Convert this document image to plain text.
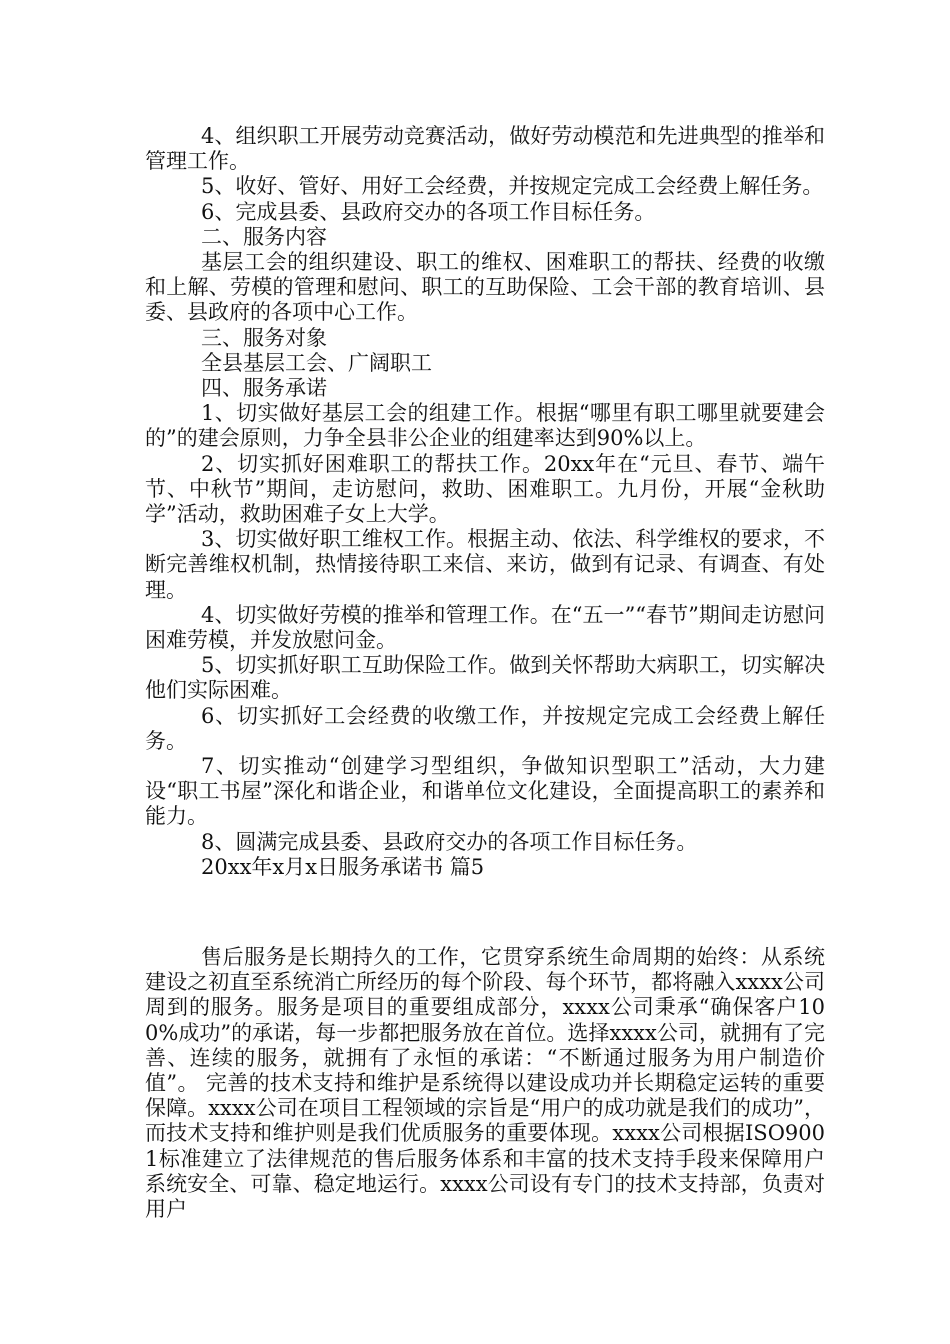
4、组织职工开展劳动竞赛活动，做好劳动模范和先进典型的推举和管理工作。

5、收好、管好、用好工会经费，并按规定完成工会经费上解任务。

6、完成县委、县政府交办的各项工作目标任务。

二、服务内容

基层工会的组织建设、职工的维权、困难职工的帮扶、经费的收缴和上解、劳模的管理和慰问、职工的互助保险、工会干部的教育培训、县委、县政府的各项中心工作。

三、服务对象

全县基层工会、广阔职工

四、服务承诺

1、切实做好基层工会的组建工作。根据“哪里有职工哪里就要建会的”的建会原则，力争全县非公企业的组建率达到90%以上。

2、切实抓好困难职工的帮扶工作。20xx年在“元旦、春节、端午节、中秋节”期间，走访慰问，救助、困难职工。九月份，开展“金秋助学”活动，救助困难子女上大学。

3、切实做好职工维权工作。根据主动、依法、科学维权的要求，不断完善维权机制，热情接待职工来信、来访，做到有记录、有调查、有处理。

4、切实做好劳模的推举和管理工作。在“五一”“春节”期间走访慰问困难劳模，并发放慰问金。

5、切实抓好职工互助保险工作。做到关怀帮助大病职工，切实解决他们实际困难。

6、切实抓好工会经费的收缴工作，并按规定完成工会经费上解任务。

7、切实推动“创建学习型组织，争做知识型职工”活动，大力建设“职工书屋”深化和谐企业，和谐单位文化建设，全面提高职工的素养和能力。

8、圆满完成县委、县政府交办的各项工作目标任务。

20xx年x月x日服务承诺书 篇5

售后服务是长期持久的工作，它贯穿系统生命周期的始终：从系统建设之初直至系统消亡所经历的每个阶段、每个环节，都将融入xxxx公司周到的服务。服务是项目的重要组成部分，xxxx公司秉承“确保客户100%成功”的承诺，每一步都把服务放在首位。选择xxxx公司，就拥有了完善、连续的服务，就拥有了永恒的承诺：“不断通过服务为用户制造价值”。 完善的技术支持和维护是系统得以建设成功并长期稳定运转的重要保障。xxxx公司在项目工程领域的宗旨是“用户的成功就是我们的成功”，而技术支持和维护则是我们优质服务的重要体现。xxxx公司根据ISO9001标准建立了法律规范的售后服务体系和丰富的技术支持手段来保障用户系统安全、可靠、稳定地运行。xxxx公司设有专门的技术支持部，负责对用户
